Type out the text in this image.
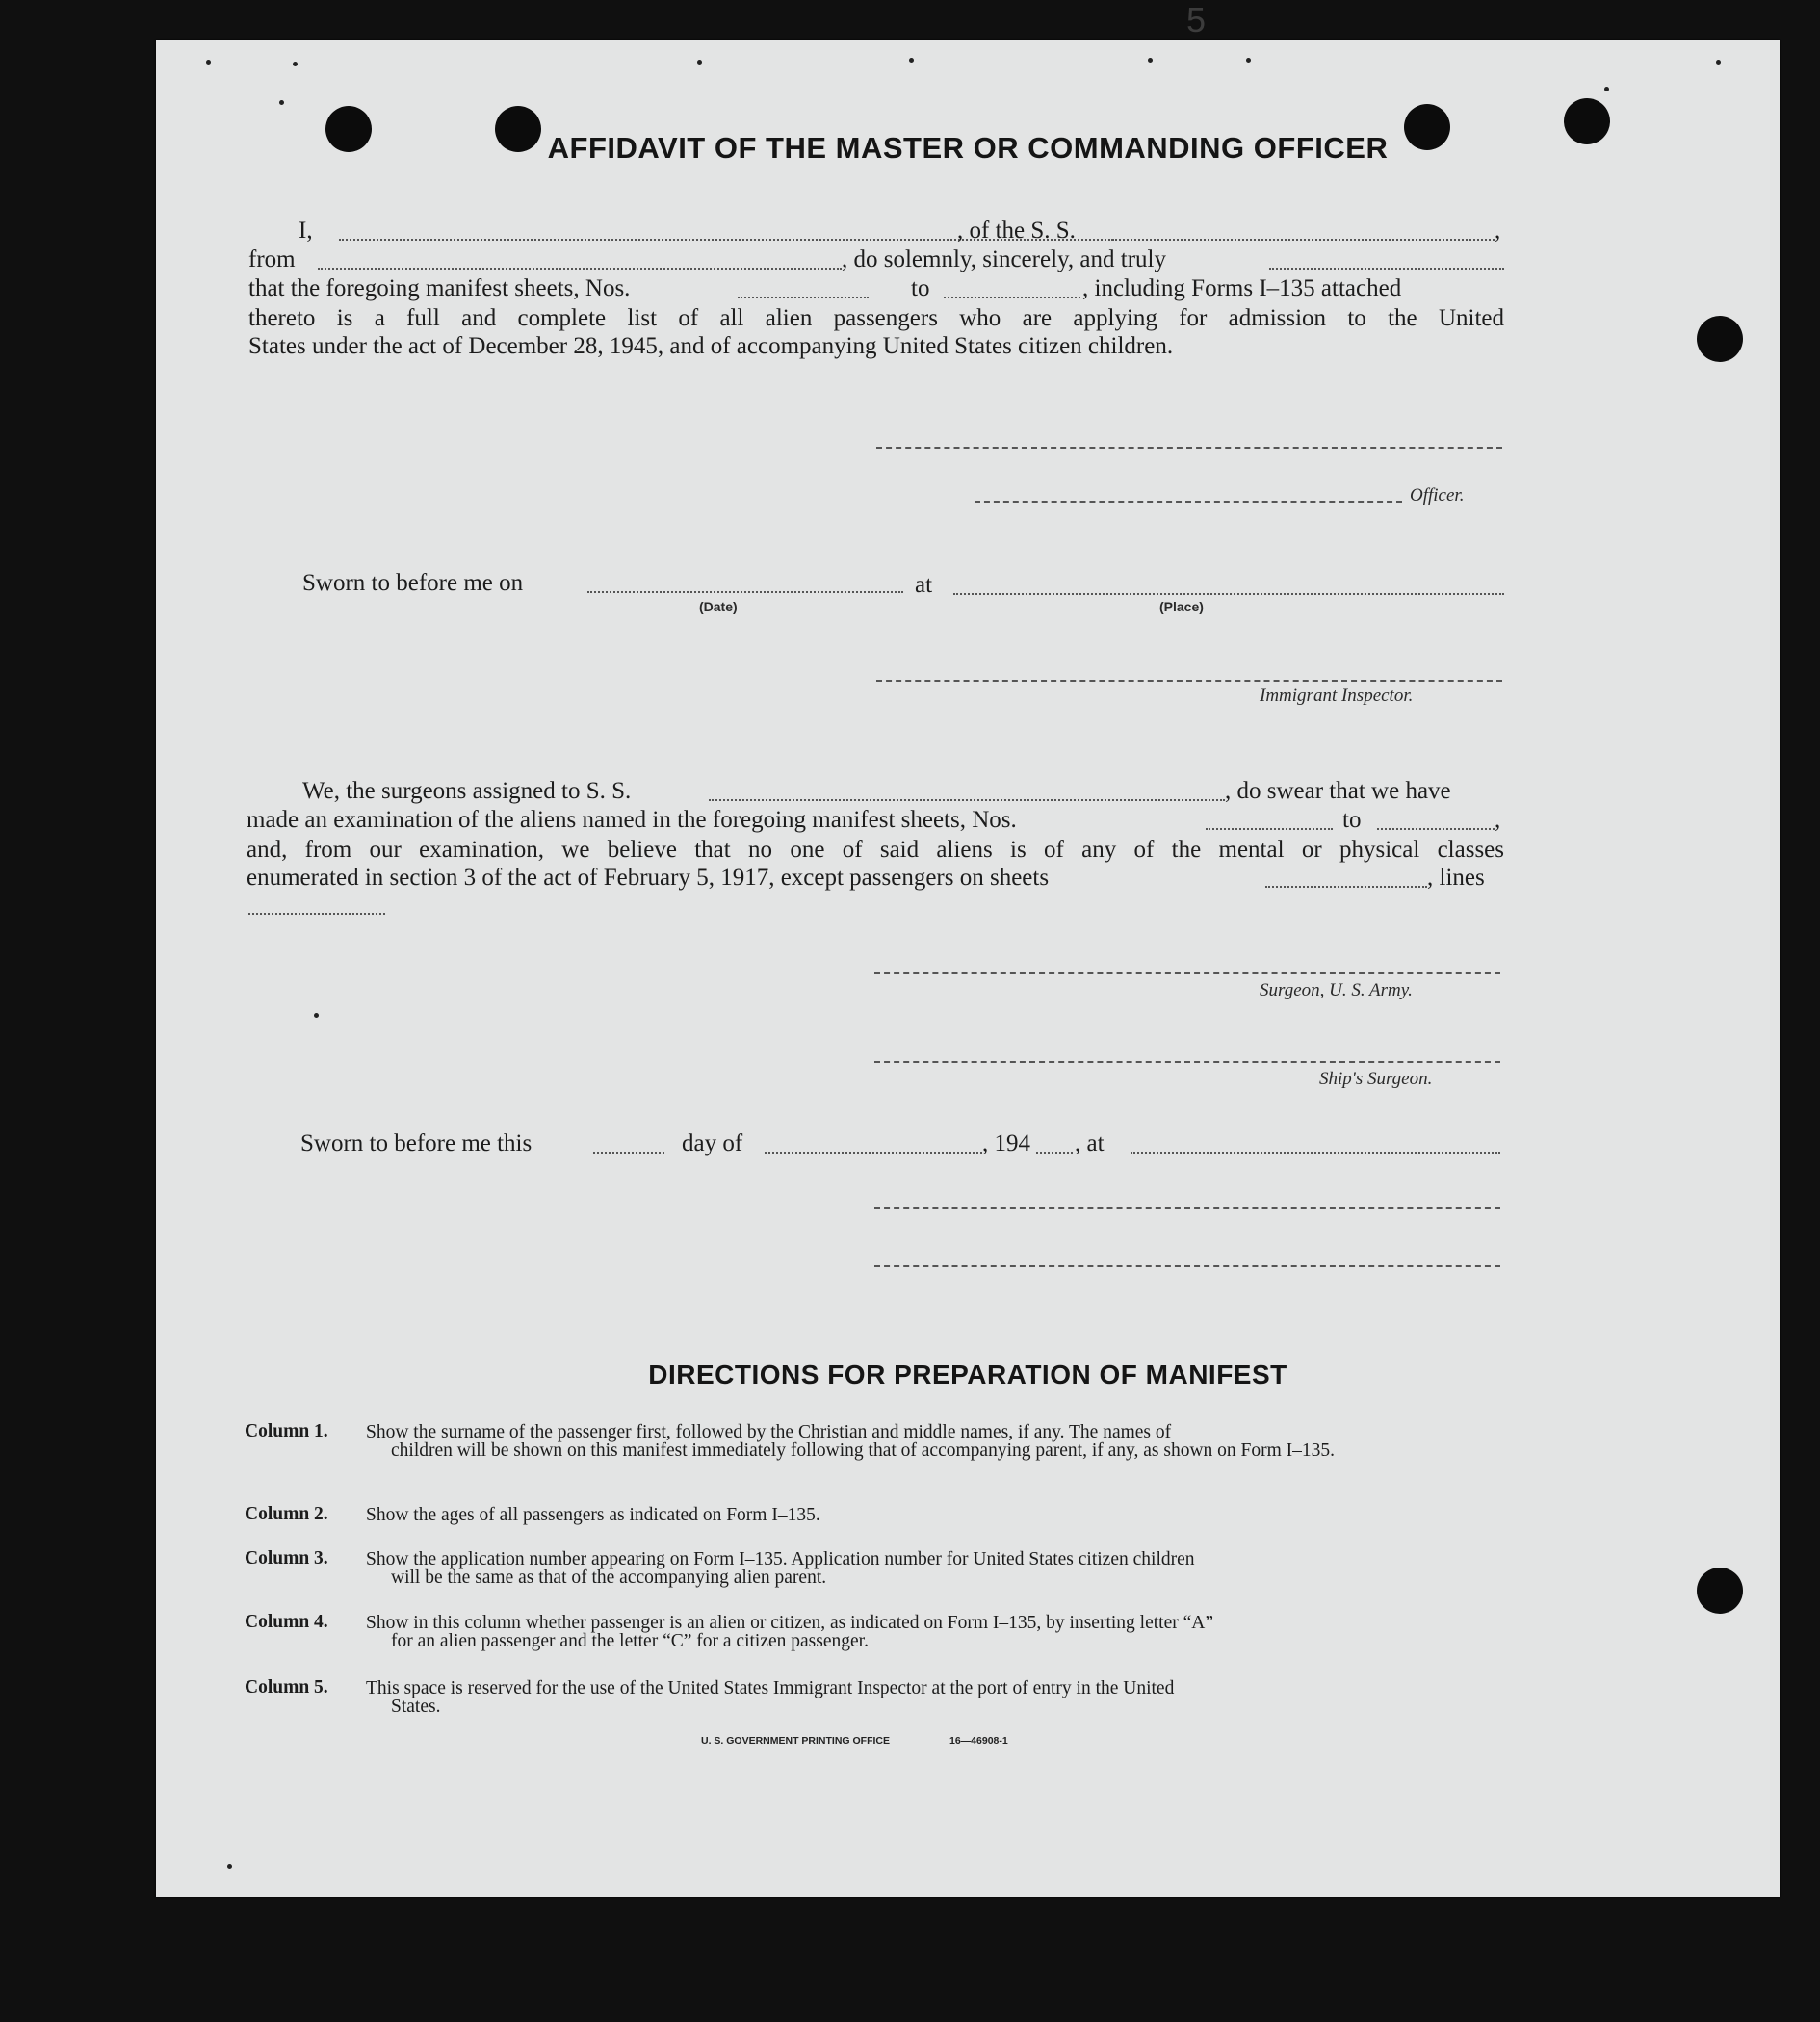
5
AFFIDAVIT OF THE MASTER OR COMMANDING OFFICER
I,	, of the S. S.	,
from	, do solemnly, sincerely, and truly
that the foregoing manifest sheets, Nos.	to	, including Forms I–135 attached
thereto is a full and complete list of all alien passengers who are applying for admission to the United
States under the act of December 28, 1945, and of accompanying United States citizen children.
Officer.
Sworn to before me on
(Date)
at
(Place)
Immigrant Inspector.
We, the surgeons assigned to S. S.	, do swear that we have
made an examination of the aliens named in the foregoing manifest sheets, Nos.	to	,
and, from our examination, we believe that no one of said aliens is of any of the mental or physical classes
enumerated in section 3 of the act of February 5, 1917, except passengers on sheets	, lines
Surgeon, U. S. Army.
Ship's Surgeon.
Sworn to before me this	day of	, 194 , at
DIRECTIONS FOR PREPARATION OF MANIFEST
Column 1. Show the surname of the passenger first, followed by the Christian and middle names, if any. The names of
children will be shown on this manifest immediately following that of accompanying parent, if any, as shown on Form I–135.
Column 2. Show the ages of all passengers as indicated on Form I–135.
Column 3. Show the application number appearing on Form I–135. Application number for United States citizen children
will be the same as that of the accompanying alien parent.
Column 4. Show in this column whether passenger is an alien or citizen, as indicated on Form I–135, by inserting letter “A”
for an alien passenger and the letter “C” for a citizen passenger.
Column 5. This space is reserved for the use of the United States Immigrant Inspector at the port of entry in the United
States.
U. S. GOVERNMENT PRINTING OFFICE	16—46908-1
